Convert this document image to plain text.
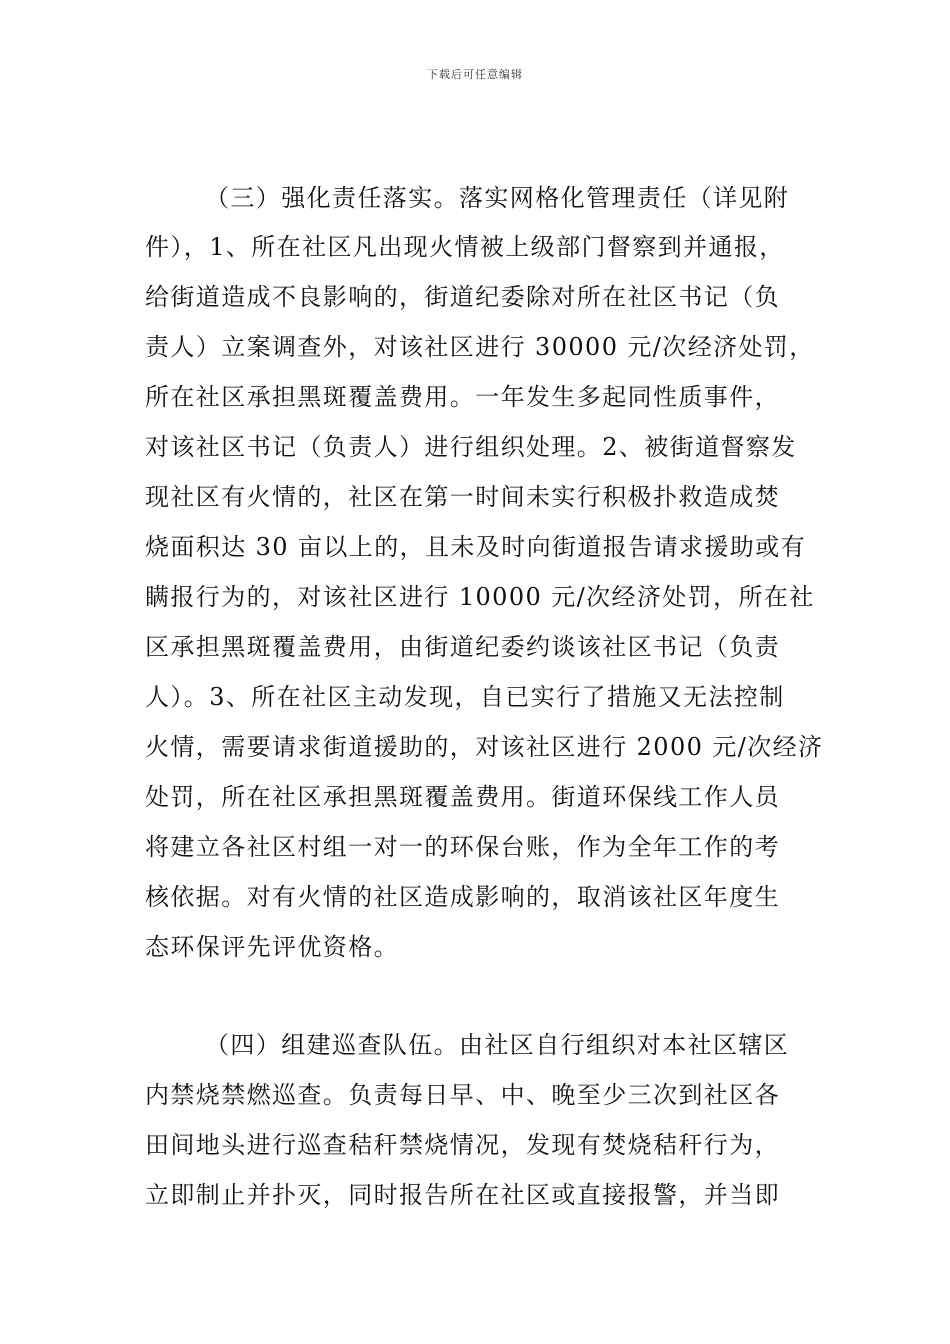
下载后可任意编辑
（三）强化责任落实。落实网格化管理责任（详见附
件），1、所在社区凡出现火情被上级部门督察到并通报，
给街道造成不良影响的，街道纪委除对所在社区书记（负
责人）立案调查外，对该社区进行 30000 元/次经济处罚，
所在社区承担黑斑覆盖费用。一年发生多起同性质事件，
对该社区书记（负责人）进行组织处理。2、被街道督察发
现社区有火情的，社区在第一时间未实行积极扑救造成焚
烧面积达 30 亩以上的，且未及时向街道报告请求援助或有
瞒报行为的，对该社区进行 10000 元/次经济处罚，所在社
区承担黑斑覆盖费用，由街道纪委约谈该社区书记（负责
人）。3、所在社区主动发现，自已实行了措施又无法控制
火情，需要请求街道援助的，对该社区进行 2000 元/次经济
处罚，所在社区承担黑斑覆盖费用。街道环保线工作人员
将建立各社区村组一对一的环保台账，作为全年工作的考
核依据。对有火情的社区造成影响的，取消该社区年度生
态环保评先评优资格。
（四）组建巡查队伍。由社区自行组织对本社区辖区
内禁烧禁燃巡查。负责每日早、中、晚至少三次到社区各
田间地头进行巡查秸秆禁烧情况，发现有焚烧秸秆行为，
立即制止并扑灭，同时报告所在社区或直接报警，并当即
